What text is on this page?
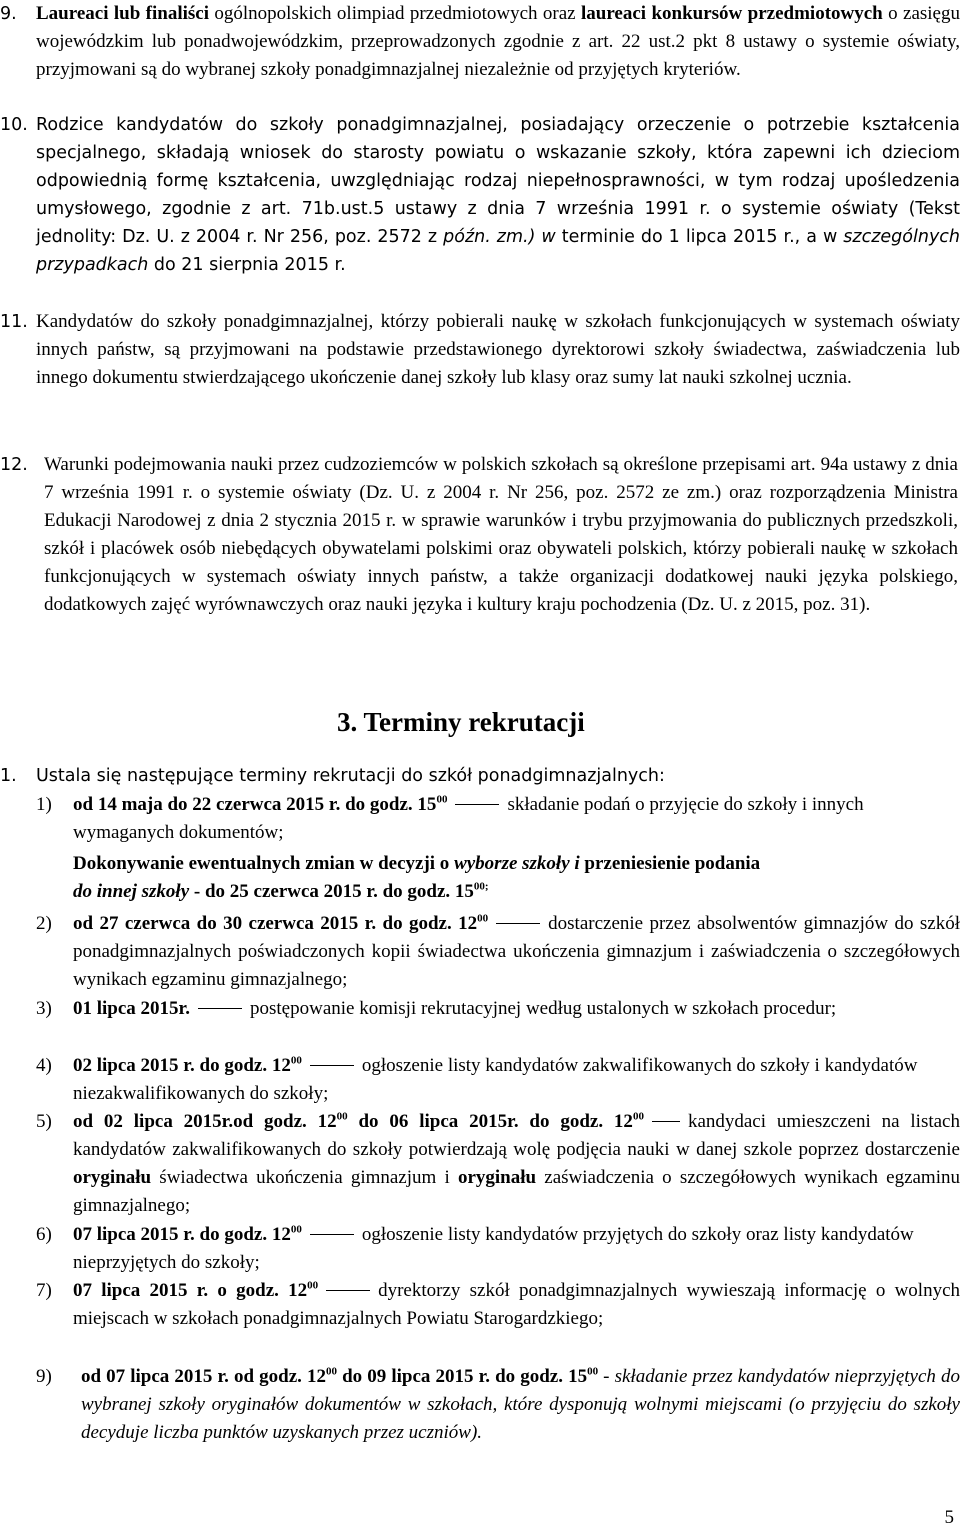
9. Laureaci lub finaliści ogólnopolskich olimpiad przedmiotowych oraz laureaci konkursów przedmiotowych o zasięgu wojewódzkim lub ponadwojewódzkim, przeprowadzonych zgodnie z art. 22 ust.2 pkt 8 ustawy o systemie oświaty, przyjmowani są do wybranej szkoły ponadgimnazjalnej niezależnie od przyjętych kryteriów.
10. Rodzice kandydatów do szkoły ponadgimnazjalnej, posiadający orzeczenie o potrzebie kształcenia specjalnego, składają wniosek do starosty powiatu o wskazanie szkoły, która zapewni ich dzieciom odpowiednią formę kształcenia, uwzględniając rodzaj niepełnosprawności, w tym rodzaj upośledzenia umysłowego, zgodnie z art. 71b.ust.5 ustawy z dnia 7 września 1991 r. o systemie oświaty (Tekst jednolity: Dz. U. z 2004 r. Nr 256, poz. 2572 z późn. zm.) w terminie do 1 lipca 2015 r., a w szczególnych przypadkach do 21 sierpnia 2015 r.
11. Kandydatów do szkoły ponadgimnazjalnej, którzy pobierali naukę w szkołach funkcjonujących w systemach oświaty innych państw, są przyjmowani na podstawie przedstawionego dyrektorowi szkoły świadectwa, zaświadczenia lub innego dokumentu stwierdzającego ukończenie danej szkoły lub klasy oraz sumy lat nauki szkolnej ucznia.
12. Warunki podejmowania nauki przez cudzoziemców w polskich szkołach są określone przepisami art. 94a ustawy z dnia 7 września 1991 r. o systemie oświaty (Dz. U. z 2004 r. Nr 256, poz. 2572 ze zm.) oraz rozporządzenia Ministra Edukacji Narodowej z dnia 2 stycznia 2015 r. w sprawie warunków i trybu przyjmowania do publicznych przedszkoli, szkół i placówek osób niebędących obywatelami polskimi oraz obywateli polskich, którzy pobierali naukę w szkołach funkcjonujących w systemach oświaty innych państw, a także organizacji dodatkowej nauki języka polskiego, dodatkowych zajęć wyrównawczych oraz nauki języka i kultury kraju pochodzenia (Dz. U. z 2015, poz. 31).
3. Terminy rekrutacji
1. Ustala się następujące terminy rekrutacji do szkół ponadgimnazjalnych:
1) od 14 maja do 22 czerwca 2015 r. do godz. $15^{00}$	składanie podań o przyjęcie do szkoły i innych wymaganych dokumentów;
Dokonywanie ewentualnych zmian w decyzji o wyborze szkoły i przeniesienie podania
do innej szkoły - do 25 czerwca 2015 r. do godz. $15^{00;}$
2) od 27 czerwca do 30 czerwca 2015 r. do godz. $12^{00}$	dostarczenie przez absolwentów gimnazjów do szkół ponadgimnazjalnych poświadczonych kopii świadectwa ukończenia gimnazjum i zaświadczenia o szczegółowych wynikach egzaminu gimnazjalnego;
3) 01 lipca 2015r.	postępowanie komisji rekrutacyjnej według ustalonych w szkołach procedur;
4) 02 lipca 2015 r. do godz. $12^{00}$	ogłoszenie listy kandydatów zakwalifikowanych do szkoły i kandydatów niezakwalifikowanych do szkoły;
5) od 02 lipca 2015r.od godz. $12^{00}$ do 06 lipca 2015r. do godz. $12^{00}$ kandydaci umieszczeni na listach kandydatów zakwalifikowanych do szkoły potwierdzają wolę podjęcia nauki w danej szkole poprzez dostarczenie oryginału świadectwa ukończenia gimnazjum i oryginału zaświadczenia o szczegółowych wynikach egzaminu gimnazjalnego;
6) 07 lipca 2015 r. do godz. $12^{00}$	ogłoszenie listy kandydatów przyjętych do szkoły oraz listy kandydatów nieprzyjętych do szkoły;
7) 07 lipca 2015 r. o godz. $12^{00}$	dyrektorzy szkół ponadgimnazjalnych wywieszają informację o wolnych miejscach w szkołach ponadgimnazjalnych Powiatu Starogardzkiego;
9) od 07 lipca 2015 r. od godz. $12^{00}$ do 09 lipca 2015 r. do godz. $15^{00}$ - składanie przez kandydatów nieprzyjętych do wybranej szkoły oryginałów dokumentów w szkołach, które dysponują wolnymi miejscami (o przyjęciu do szkoły decyduje liczba punktów uzyskanych przez uczniów).
5
